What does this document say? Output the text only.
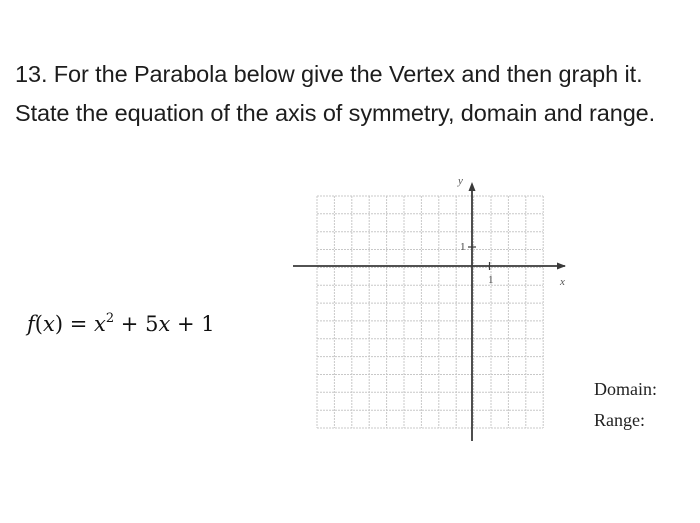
13. For the Parabola below give the Vertex and then graph it.
State the equation of the axis of symmetry, domain and range.
$f(x) = x^2 + 5x + 1$
y
x
1
1
Domain:
Range:
